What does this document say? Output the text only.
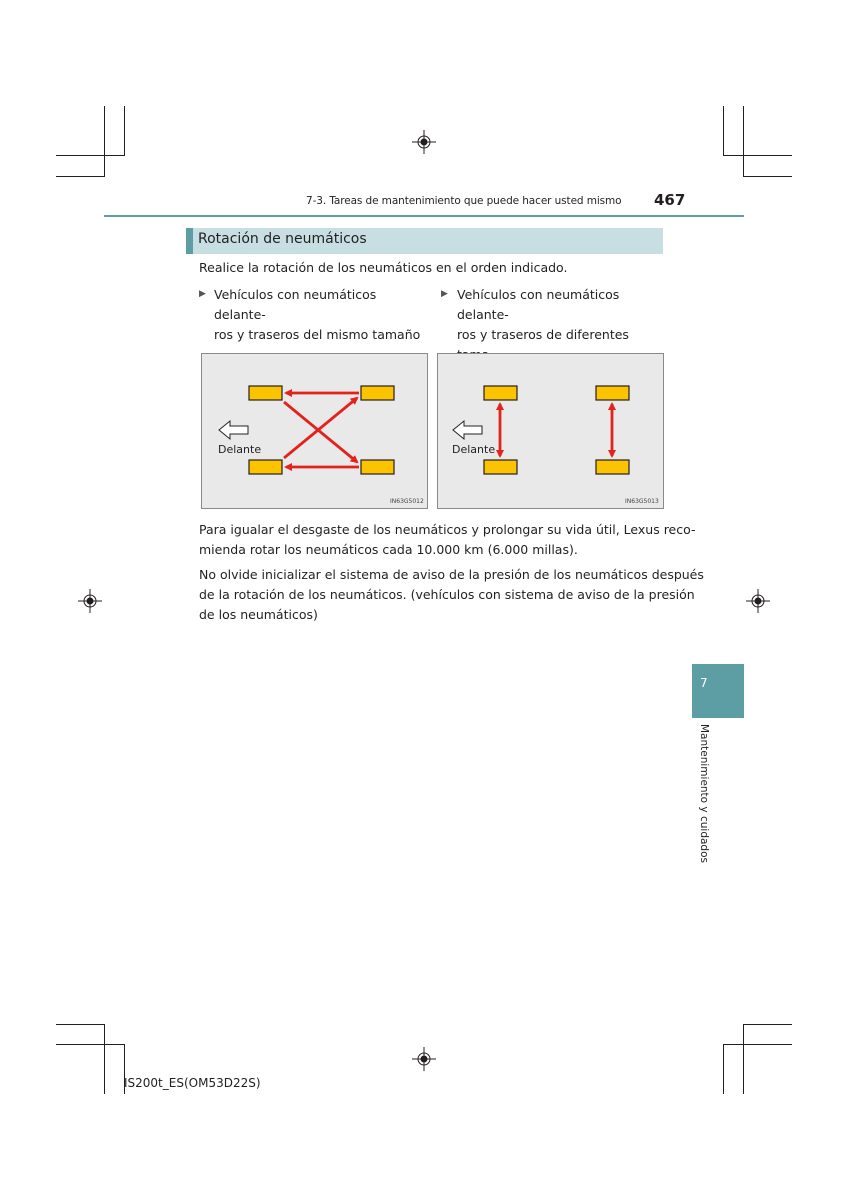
7-3. Tareas de mantenimiento que puede hacer usted mismo 467
Rotación de neumáticos
Realice la rotación de los neumáticos en el orden indicado.
▶ Vehículos con neumáticos delante-
ros y traseros del mismo tamaño
▶ Vehículos con neumáticos delante-
ros y traseros de diferentes
Delante
IN63G5012
Delante
IN63G5013
Para igualar el desgaste de los neumáticos y prolongar su vida útil, Lexus reco-
mienda rotar los neumáticos cada 10.000 km (6.000 millas).
No olvide inicializar el sistema de aviso de la presión de los neumáticos después
de la rotación de los neumáticos. (vehículos con sistema de aviso de la presión
de los neumáticos)
7
Mantenimiento y cuidados
IS200t_ES(OM53D22S)
